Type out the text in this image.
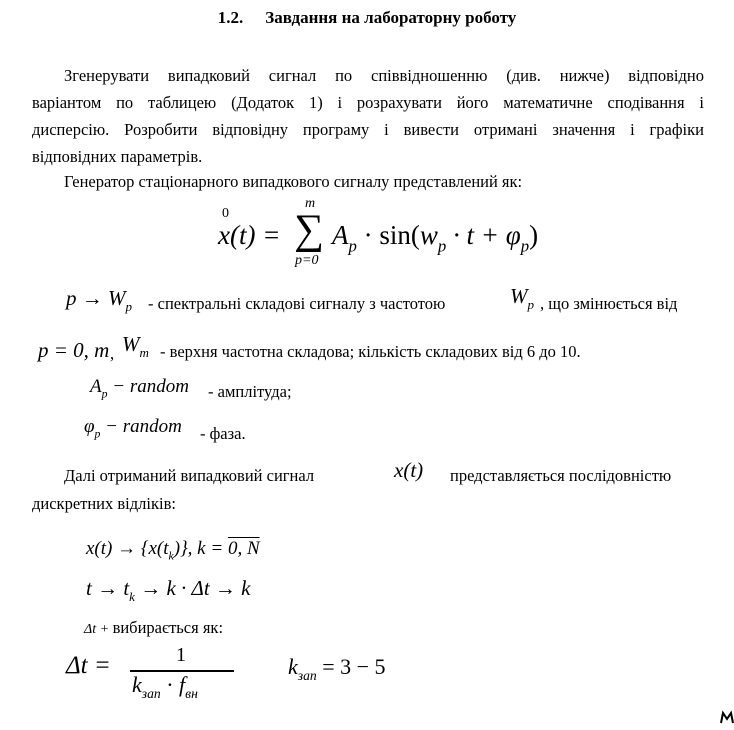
1.2. Завдання на лабораторну роботу
Згенерувати випадковий сигнал по співвідношенню (див. нижче) відповідно
варіантом по таблицею (Додаток 1) і розрахувати його математичне сподівання і
дисперсію. Розробити відповідну програму і вивести отримані значення і графіки
відповідних параметрів.
Генератор стаціонарного випадкового сигналу представлений як:
0
x(t) =
m
∑
p=0
$A_p \cdot \sin(w_p \cdot t + \varphi_p)$
$p \to W_p$ - спектральні складові сигналу з частотою	$W_p$ , що змінюється від
p = 0, m , $W_m$ - верхня частотна складова; кількість складових від 6 до 10.
$A_p$ − random - амплітуда;
$\varphi_p$ − random - фаза.
Далі отриманий випадковий сигнал	x(t) представляється послідовністю
дискретних відліків:
$x(t) \to \{x(t_k)\}$, k = 0, N
$t \to t_k \to k \cdot \Delta t \to k$
Δt + вибирається як:
Δt =	1
$k_{зап} \cdot f_{вн}$
$k_{зап} = 3 - 5$
